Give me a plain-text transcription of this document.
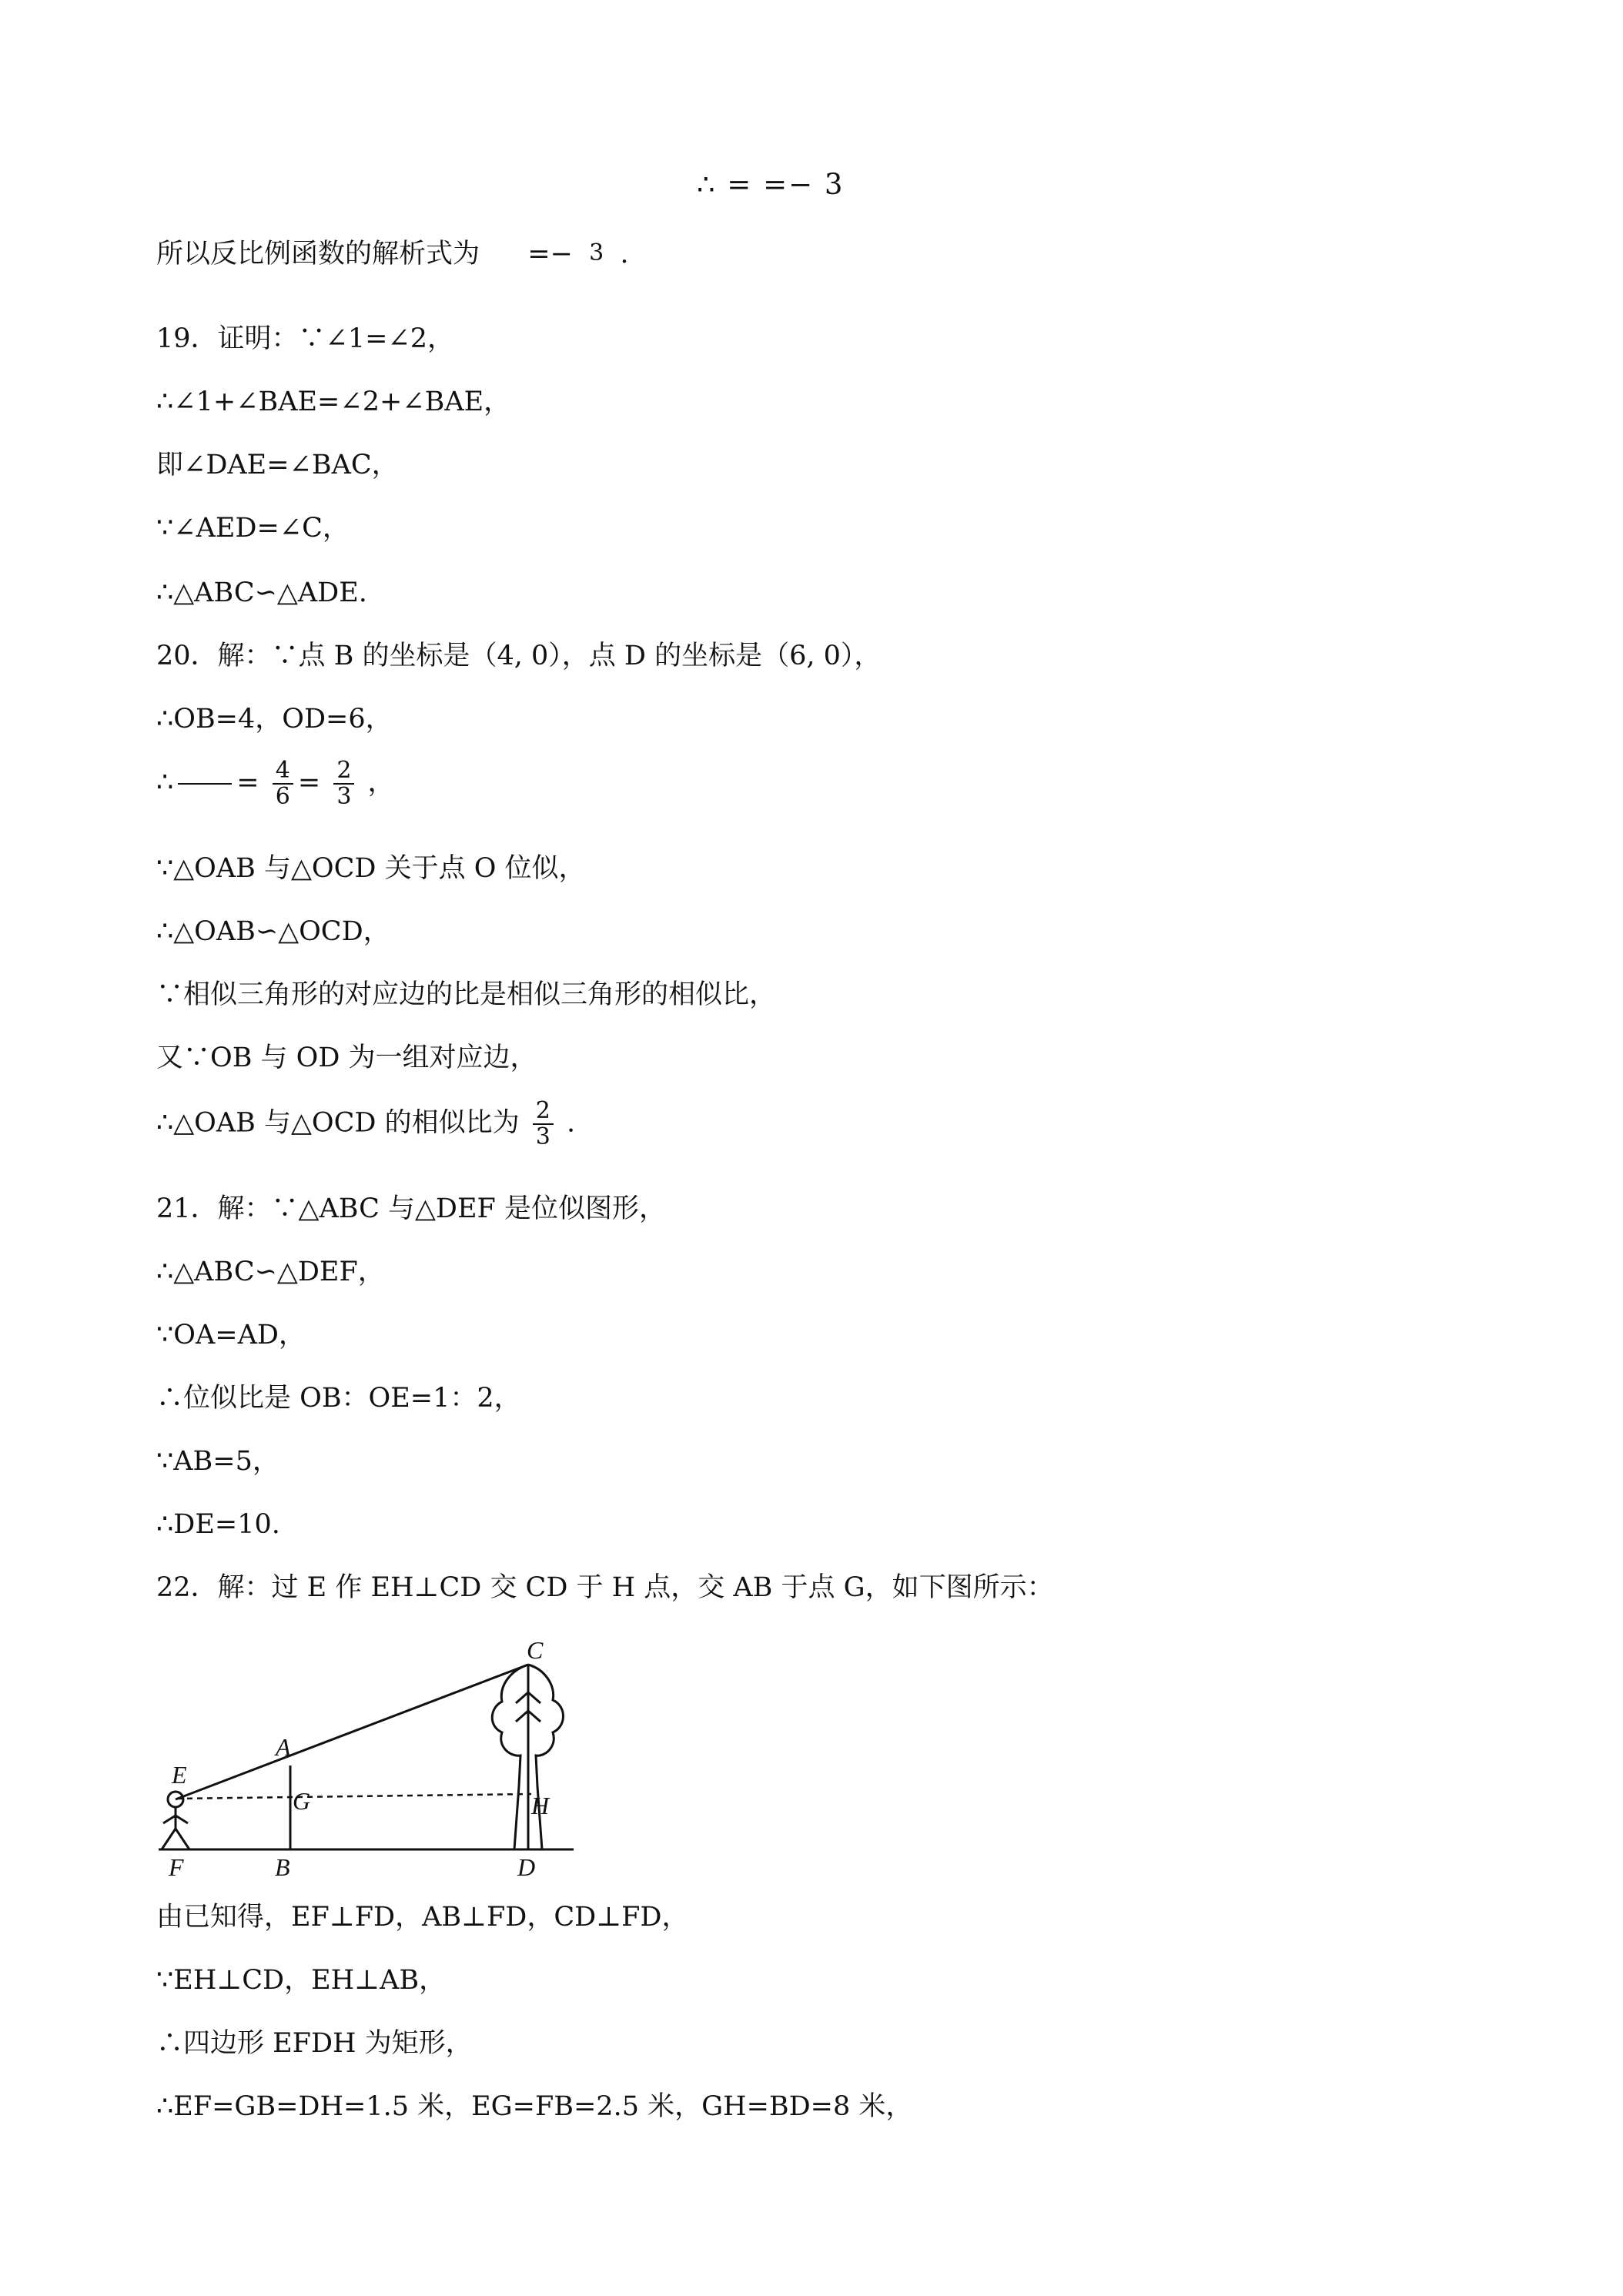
∴ = =− 3
所以反比例函数的解析式为 =− 3 .
19．证明：∵∠1=∠2，
∴∠1+∠BAE=∠2+∠BAE，
即∠DAE=∠BAC，
∵∠AED=∠C，
∴△ABC∽△ADE.
20．解：∵点 B 的坐标是（4, 0），点 D 的坐标是（6, 0），
∴OB=4，OD=6，
∴ = $\frac{4}{6} = \frac{2}{3}$ ，
∵△OAB 与△OCD 关于点 O 位似，
∴△OAB∽△OCD，
∵相似三角形的对应边的比是相似三角形的相似比，
又∵OB 与 OD 为一组对应边，
∴△OAB 与△OCD 的相似比为 $\frac{2}{3}$ .
21．解：∵△ABC 与△DEF 是位似图形，
∴△ABC∽△DEF，
∵OA=AD，
∴位似比是 OB：OE=1：2，
∵AB=5，
∴DE=10.
22．解：过 E 作 EH⊥CD 交 CD 于 H 点，交 AB 于点 G，如下图所示：
C
A
E
G	H
F	B	D
由已知得，EF⊥FD，AB⊥FD，CD⊥FD，
∵EH⊥CD，EH⊥AB，
∴四边形 EFDH 为矩形，
∴EF=GB=DH=1.5 米，EG=FB=2.5 米，GH=BD=8 米，
